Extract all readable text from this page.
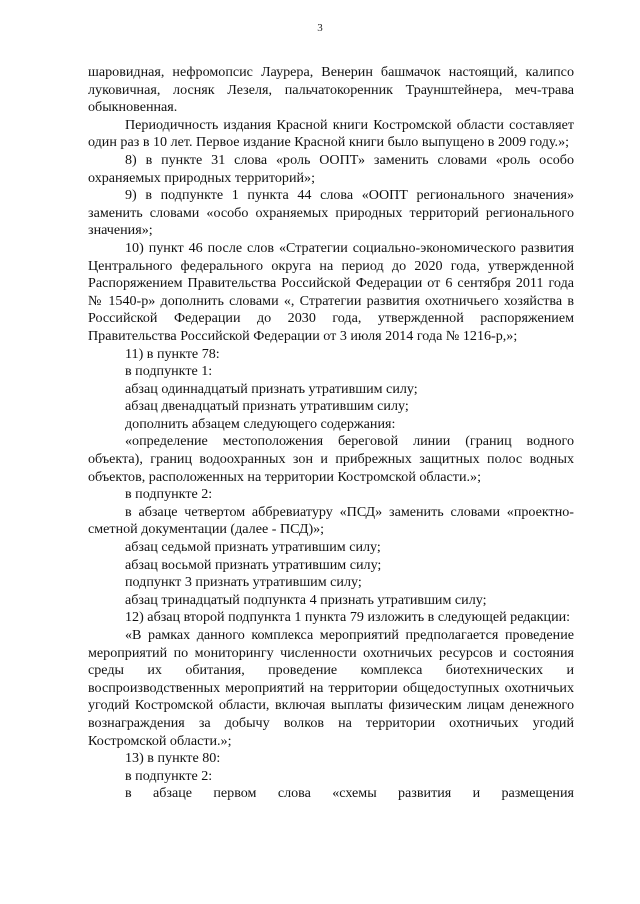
3

шаровидная, нефромопсис Лаурера, Венерин башмачок настоящий, калипсо луковичная, лосняк Лезеля, пальчатокоренник Траунштейнера, меч-трава обыкновенная.

Периодичность издания Красной книги Костромской области составляет один раз в 10 лет. Первое издание Красной книги было выпущено в 2009 году.»;

8) в пункте 31 слова «роль ООПТ» заменить словами «роль особо охраняемых природных территорий»;

9) в подпункте 1 пункта 44 слова «ООПТ регионального значения» заменить словами «особо охраняемых природных территорий регионального значения»;

10) пункт 46 после слов «Стратегии социально-экономического развития Центрального федерального округа на период до 2020 года, утвержденной Распоряжением Правительства Российской Федерации от 6 сентября 2011 года № 1540-р» дополнить словами «, Стратегии развития охотничьего хозяйства в Российской Федерации до 2030 года, утвержденной распоряжением Правительства Российской Федерации от 3 июля 2014 года № 1216-р,»;

11) в пункте 78:

в подпункте 1:

абзац одиннадцатый признать утратившим силу;

абзац двенадцатый признать утратившим силу;

дополнить абзацем следующего содержания:

«определение местоположения береговой линии (границ водного объекта), границ водоохранных зон и прибрежных защитных полос водных объектов, расположенных на территории Костромской области.»;

в подпункте 2:

в абзаце четвертом аббревиатуру «ПСД» заменить словами «проектно-сметной документации (далее - ПСД)»;

абзац седьмой признать утратившим силу;

абзац восьмой признать утратившим силу;

подпункт 3 признать утратившим силу;

абзац тринадцатый подпункта 4 признать утратившим силу;

12) абзац второй подпункта 1 пункта 79 изложить в следующей редакции:

«В рамках данного комплекса мероприятий предполагается проведение мероприятий по мониторингу численности охотничьих ресурсов и состояния среды их обитания, проведение комплекса биотехнических и воспроизводственных мероприятий на территории общедоступных охотничьих угодий Костромской области, включая выплаты физическим лицам денежного вознаграждения за добычу волков на территории охотничьих угодий Костромской области.»;

13) в пункте 80:

в подпункте 2:

в абзаце первом слова «схемы развития и размещения
